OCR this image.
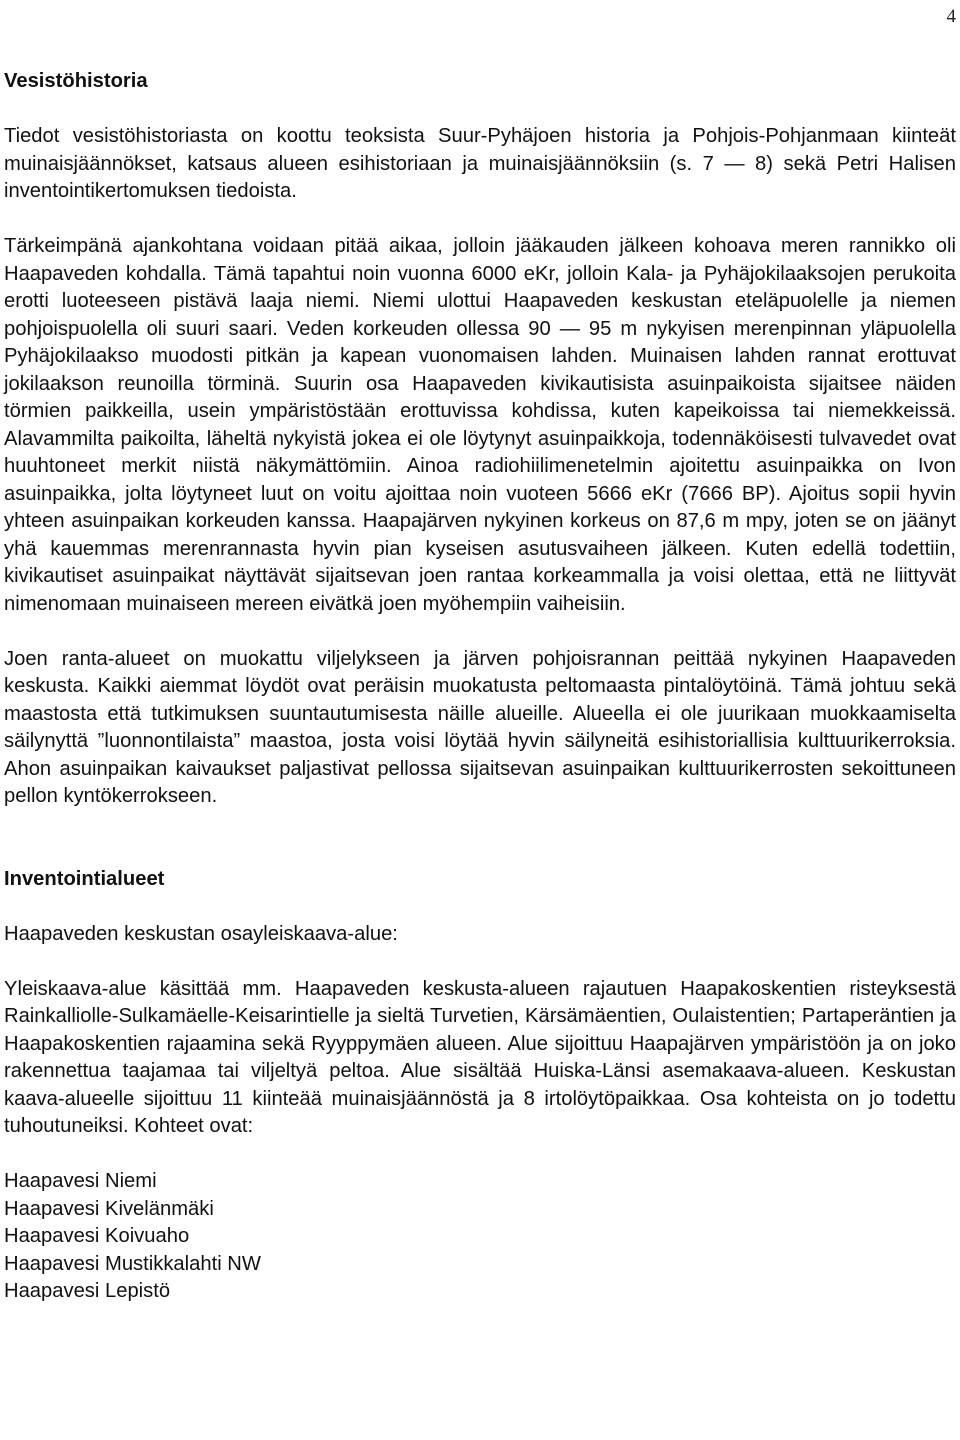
4
Vesistöhistoria

Tiedot vesistöhistoriasta on koottu teoksista Suur-Pyhäjoen historia ja Pohjois-Pohjanmaan kiinteät muinaisjäännökset, katsaus alueen esihistoriaan ja muinaisjäännöksiin (s. 7 — 8) sekä Petri Halisen inventointikertomuksen tiedoista.

Tärkeimpänä ajankohtana voidaan pitää aikaa, jolloin jääkauden jälkeen kohoava meren rannikko oli Haapaveden kohdalla. Tämä tapahtui noin vuonna 6000 eKr, jolloin Kala- ja Pyhäjokilaaksojen perukoita erotti luoteeseen pistävä laaja niemi. Niemi ulottui Haapaveden keskustan eteläpuolelle ja niemen pohjoispuolella oli suuri saari. Veden korkeuden ollessa 90 — 95 m nykyisen merenpinnan yläpuolella Pyhäjokilaakso muodosti pitkän ja kapean vuonomaisen lahden. Muinaisen lahden rannat erottuvat jokilaakson reunoilla törminä. Suurin osa Haapaveden kivikautisista asuinpaikoista sijaitsee näiden törmien paikkeilla, usein ympäristöstään erottuvissa kohdissa, kuten kapeikoissa tai niemekkeissä. Alavammilta paikoilta, läheltä nykyistä jokea ei ole löytynyt asuinpaikkoja, todennäköisesti tulvavedet ovat huuhtoneet merkit niistä näkymättömiin. Ainoa radiohiilimenetelmin ajoitettu asuinpaikka on Ivon asuinpaikka, jolta löytyneet luut on voitu ajoittaa noin vuoteen 5666 eKr (7666 BP). Ajoitus sopii hyvin yhteen asuinpaikan korkeuden kanssa. Haapajärven nykyinen korkeus on 87,6 m mpy, joten se on jäänyt yhä kauemmas merenrannasta hyvin pian kyseisen asutusvaiheen jälkeen. Kuten edellä todettiin, kivikautiset asuinpaikat näyttävät sijaitsevan joen rantaa korkeammalla ja voisi olettaa, että ne liittyvät nimenomaan muinaiseen mereen eivätkä joen myöhempiin vaiheisiin.

Joen ranta-alueet on muokattu viljelykseen ja järven pohjoisrannan peittää nykyinen Haapaveden keskusta. Kaikki aiemmat löydöt ovat peräisin muokatusta peltomaasta pintalöytöinä. Tämä johtuu sekä maastosta että tutkimuksen suuntautumisesta näille alueille. Alueella ei ole juurikaan muokkaamiselta säilynyttä ”luonnontilaista” maastoa, josta voisi löytää hyvin säilyneitä esihistoriallisia kulttuurikerroksia. Ahon asuinpaikan kaivaukset paljastivat pellossa sijaitsevan asuinpaikan kulttuurikerrosten sekoittuneen pellon kyntökerrokseen.

Inventointialueet

Haapaveden keskustan osayleiskaava-alue:

Yleiskaava-alue käsittää mm. Haapaveden keskusta-alueen rajautuen Haapakoskentien risteyksestä Rainkalliolle-Sulkamäelle-Keisarintielle ja sieltä Turvetien, Kärsämäentien, Oulaistentien; Partaperäntien ja Haapakoskentien rajaamina sekä Ryyppymäen alueen. Alue sijoittuu Haapajärven ympäristöön ja on joko rakennettua taajamaa tai viljeltyä peltoa. Alue sisältää Huiska-Länsi asemakaava-alueen. Keskustan kaava-alueelle sijoittuu 11 kiinteää muinaisjäännöstä ja 8 irtolöytöpaikkaa. Osa kohteista on jo todettu tuhoutuneiksi. Kohteet ovat:

Haapavesi Niemi
Haapavesi Kivelänmäki
Haapavesi Koivuaho
Haapavesi Mustikkalahti NW
Haapavesi Lepistö
